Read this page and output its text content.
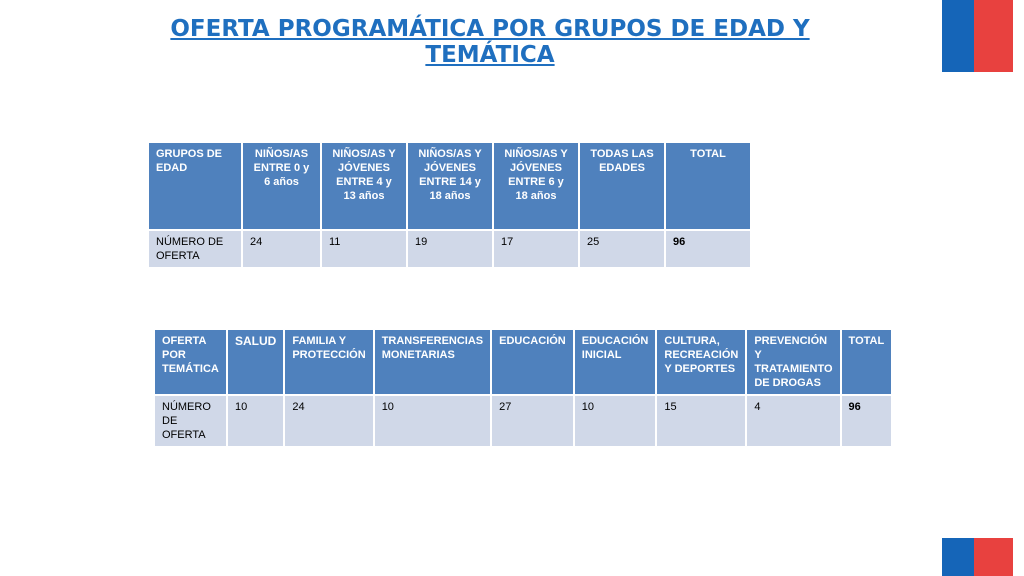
OFERTA PROGRAMÁTICA POR GRUPOS DE EDAD Y TEMÁTICA
GRUPOS DE EDAD	NIÑOS/AS ENTRE 0 y 6 años	NIÑOS/AS Y JÓVENES ENTRE 4 y 13 años	NIÑOS/AS Y JÓVENES ENTRE 14 y 18 años	NIÑOS/AS Y JÓVENES ENTRE 6 y 18 años	TODAS LAS EDADES	TOTAL
NÚMERO DE OFERTA	24	11	19	17	25	96
OFERTA POR TEMÁTICA	SALUD	FAMILIA Y PROTECCIÓN	TRANSFERENCIAS MONETARIAS	EDUCACIÓN	EDUCACIÓN INICIAL	CULTURA, RECREACIÓN Y DEPORTES	PREVENCIÓN Y TRATAMIENTO DE DROGAS	TOTAL
NÚMERO DE OFERTA	10	24	10	27	10	15	4	96
